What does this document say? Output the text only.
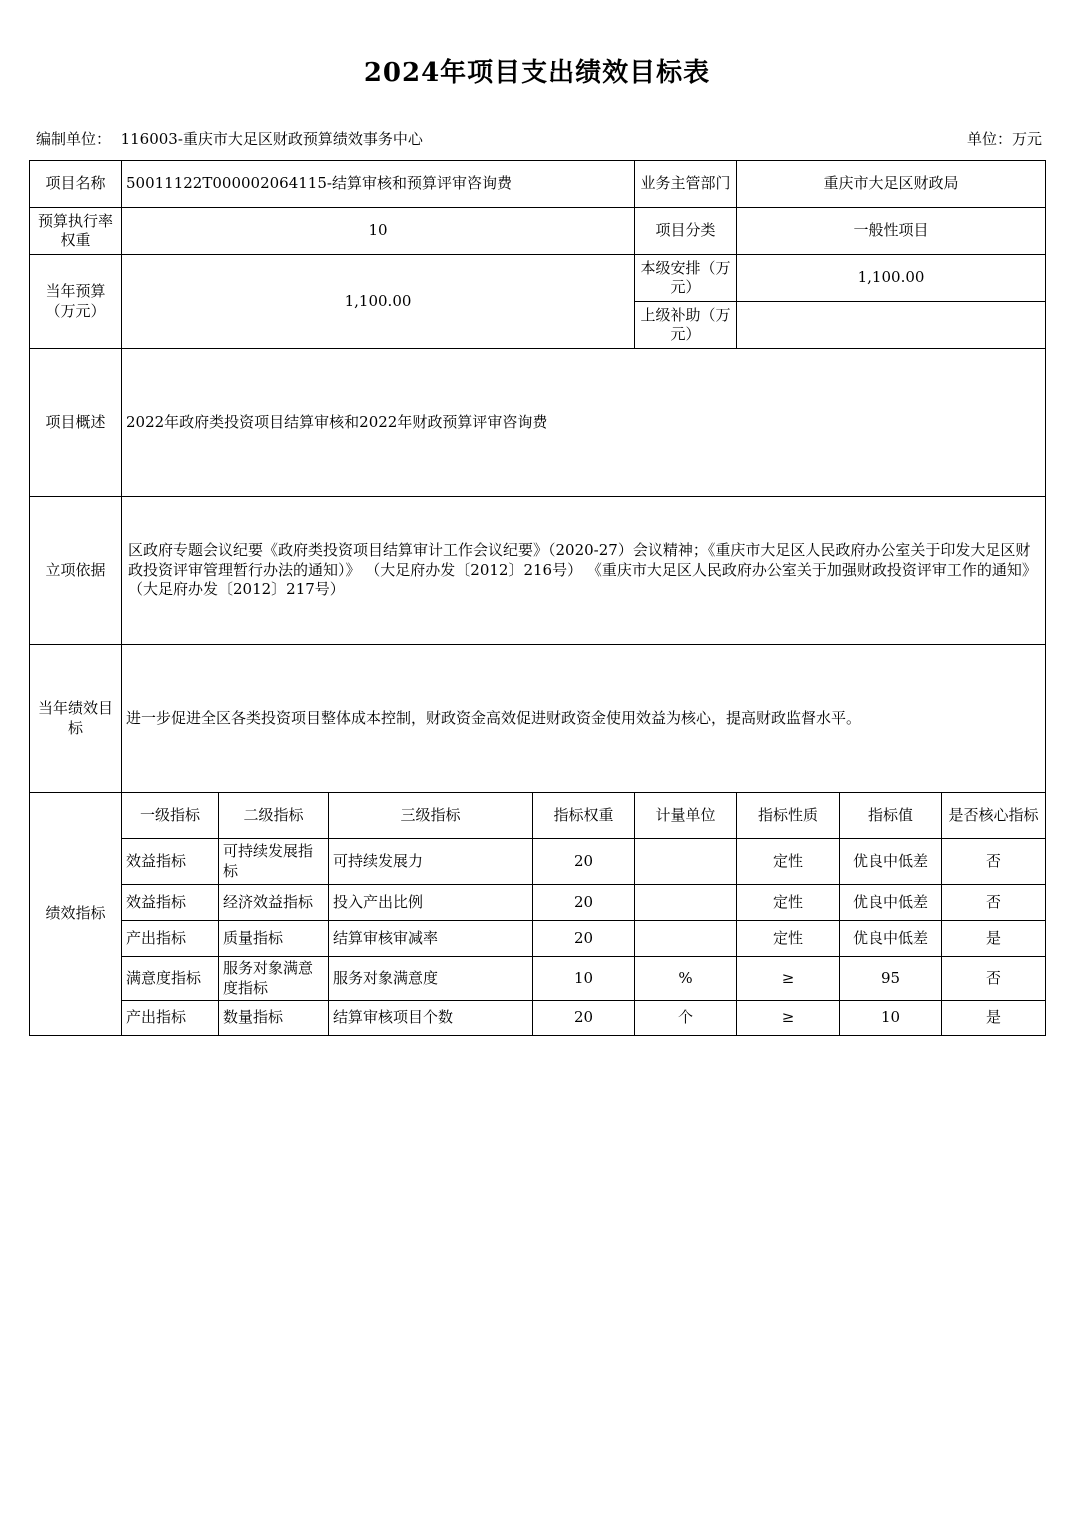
2024年项目支出绩效目标表
编制单位： 116003-重庆市大足区财政预算绩效事务中心	单位：万元
项目名称	50011122T000002064115-结算审核和预算评审咨询费				业务主管部门	重庆市大足区财政局		
预算执行率权重	10				项目分类	一般性项目		
当年预算（万元）	1,100.00				本级安排（万元）	1,100.00		
					上级补助（万元）			
项目概述	2022年政府类投资项目结算审核和2022年财政预算评审咨询费							
立项依据	区政府专题会议纪要《政府类投资项目结算审计工作会议纪要》（2020-27）会议精神；《重庆市大足区人民政府办公室关于印发大足区财政投资评审管理暂行办法的通知）》 （大足府办发〔2012〕216号） 《重庆市大足区人民政府办公室关于加强财政投资评审工作的通知》（大足府办发〔2012〕217号）							
当年绩效目标	进一步促进全区各类投资项目整体成本控制，财政资金高效促进财政资金使用效益为核心，提高财政监督水平。							
绩效指标	一级指标	二级指标	三级指标	指标权重	计量单位	指标性质	指标值	是否核心指标
	效益指标	可持续发展指标	可持续发展力	20		定性	优良中低差	否
	效益指标	经济效益指标	投入产出比例	20		定性	优良中低差	否
	产出指标	质量指标	结算审核审减率	20		定性	优良中低差	是
	满意度指标	服务对象满意度指标	服务对象满意度	10	%	≥	95	否
	产出指标	数量指标	结算审核项目个数	20	个	≥	10	是
